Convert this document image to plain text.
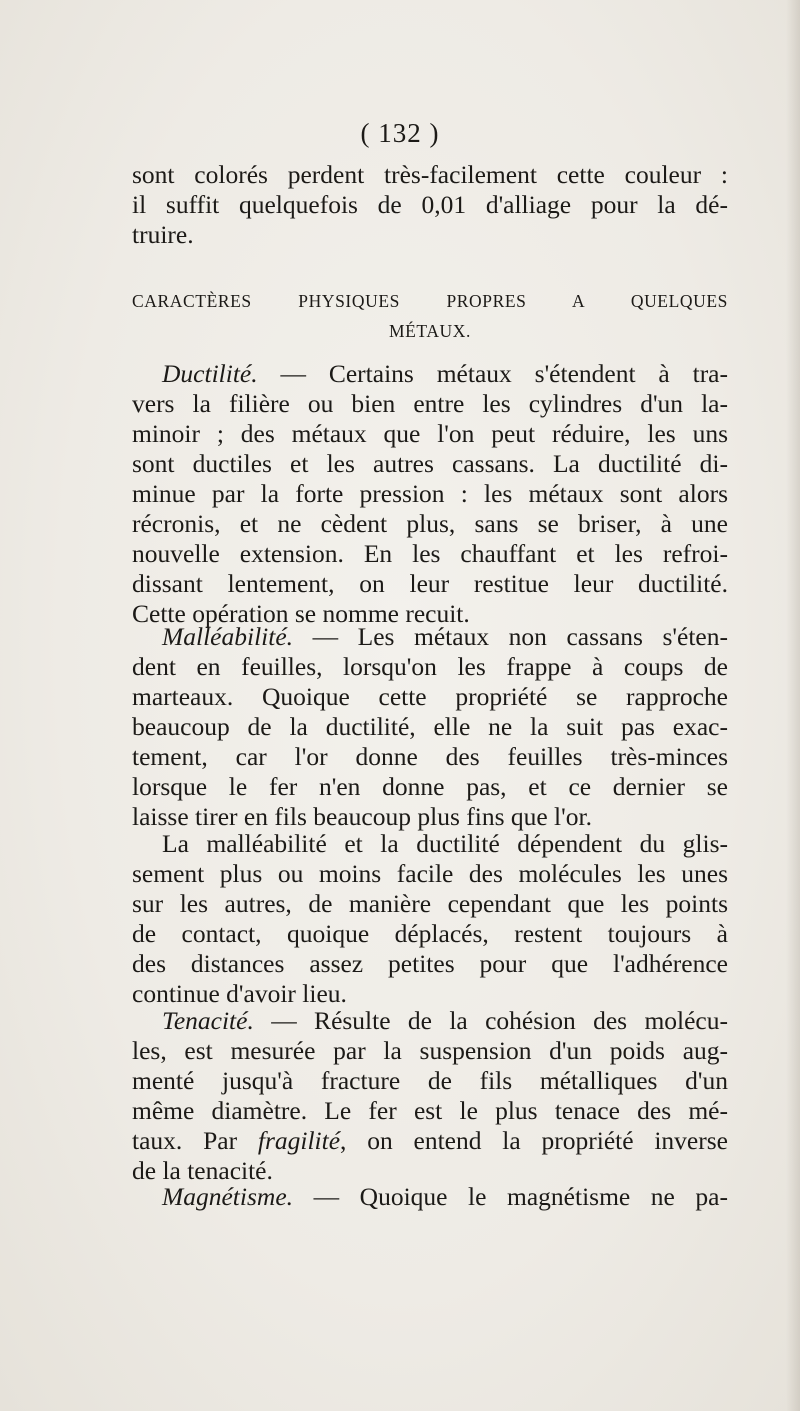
( 132 )
sont colorés perdent très-facilement cette couleur :
il suffit quelquefois de 0,01 d'alliage pour la dé-
truire.
CARACTÈRES PHYSIQUES PROPRES A QUELQUES
MÉTAUX.
Ductilité. — Certains métaux s'étendent à tra-
vers la filière ou bien entre les cylindres d'un la-
minoir ; des métaux que l'on peut réduire, les uns
sont ductiles et les autres cassans. La ductilité di-
minue par la forte pression : les métaux sont alors
récronis, et ne cèdent plus, sans se briser, à une
nouvelle extension. En les chauffant et les refroi-
dissant lentement, on leur restitue leur ductilité.
Cette opération se nomme recuit.
Malléabilité. — Les métaux non cassans s'éten-
dent en feuilles, lorsqu'on les frappe à coups de
marteaux. Quoique cette propriété se rapproche
beaucoup de la ductilité, elle ne la suit pas exac-
tement, car l'or donne des feuilles très-minces
lorsque le fer n'en donne pas, et ce dernier se
laisse tirer en fils beaucoup plus fins que l'or.
La malléabilité et la ductilité dépendent du glis-
sement plus ou moins facile des molécules les unes
sur les autres, de manière cependant que les points
de contact, quoique déplacés, restent toujours à
des distances assez petites pour que l'adhérence
continue d'avoir lieu.
Tenacité. — Résulte de la cohésion des molécu-
les, est mesurée par la suspension d'un poids aug-
menté jusqu'à fracture de fils métalliques d'un
même diamètre. Le fer est le plus tenace des mé-
taux. Par fragilité, on entend la propriété inverse
de la tenacité.
Magnétisme. — Quoique le magnétisme ne pa-
